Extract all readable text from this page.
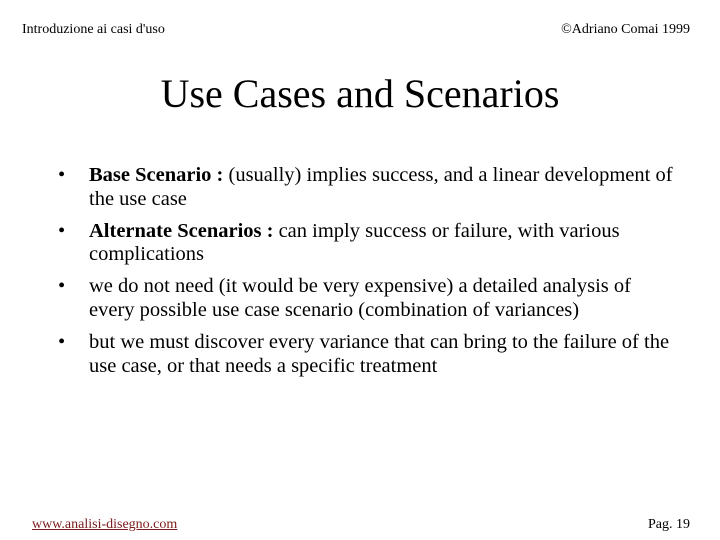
Introduzione ai casi d'uso	©Adriano Comai 1999
Use Cases and Scenarios
• Base Scenario : (usually) implies success, and a linear development of the use case
• Alternate Scenarios : can imply success or failure, with various complications
• we do not need (it would be very expensive) a detailed analysis of every possible use case scenario (combination of variances)
• but we must discover every variance that can bring to the failure of the use case, or that needs a specific treatment
www.analisi-disegno.com	Pag. 19
